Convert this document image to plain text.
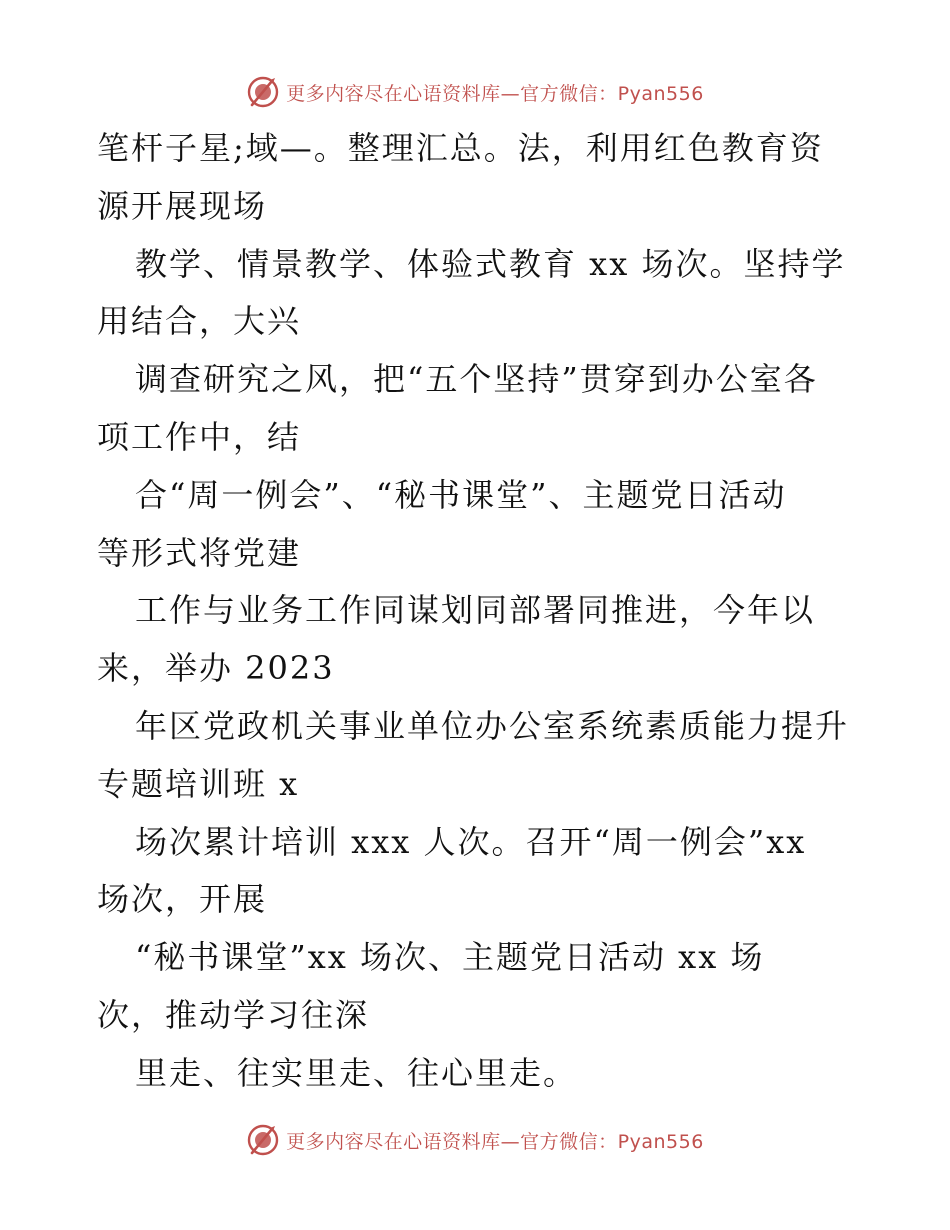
更多内容尽在心语资料库—官方微信：Pyan556
笔杆子星;域—。整理汇总。法，利用红色教育资
源开展现场
教学、情景教学、体验式教育 xx 场次。坚持学
用结合，大兴
调查研究之风，把“五个坚持”贯穿到办公室各
项工作中，结
合“周一例会”、“秘书课堂”、主题党日活动
等形式将党建
工作与业务工作同谋划同部署同推进，今年以
来，举办 2023
年区党政机关事业单位办公室系统素质能力提升
专题培训班 x
场次累计培训 xxx 人次。召开“周一例会”xx
场次，开展
“秘书课堂”xx 场次、主题党日活动 xx 场
次，推动学习往深
里走、往实里走、往心里走。
更多内容尽在心语资料库—官方微信：Pyan556
